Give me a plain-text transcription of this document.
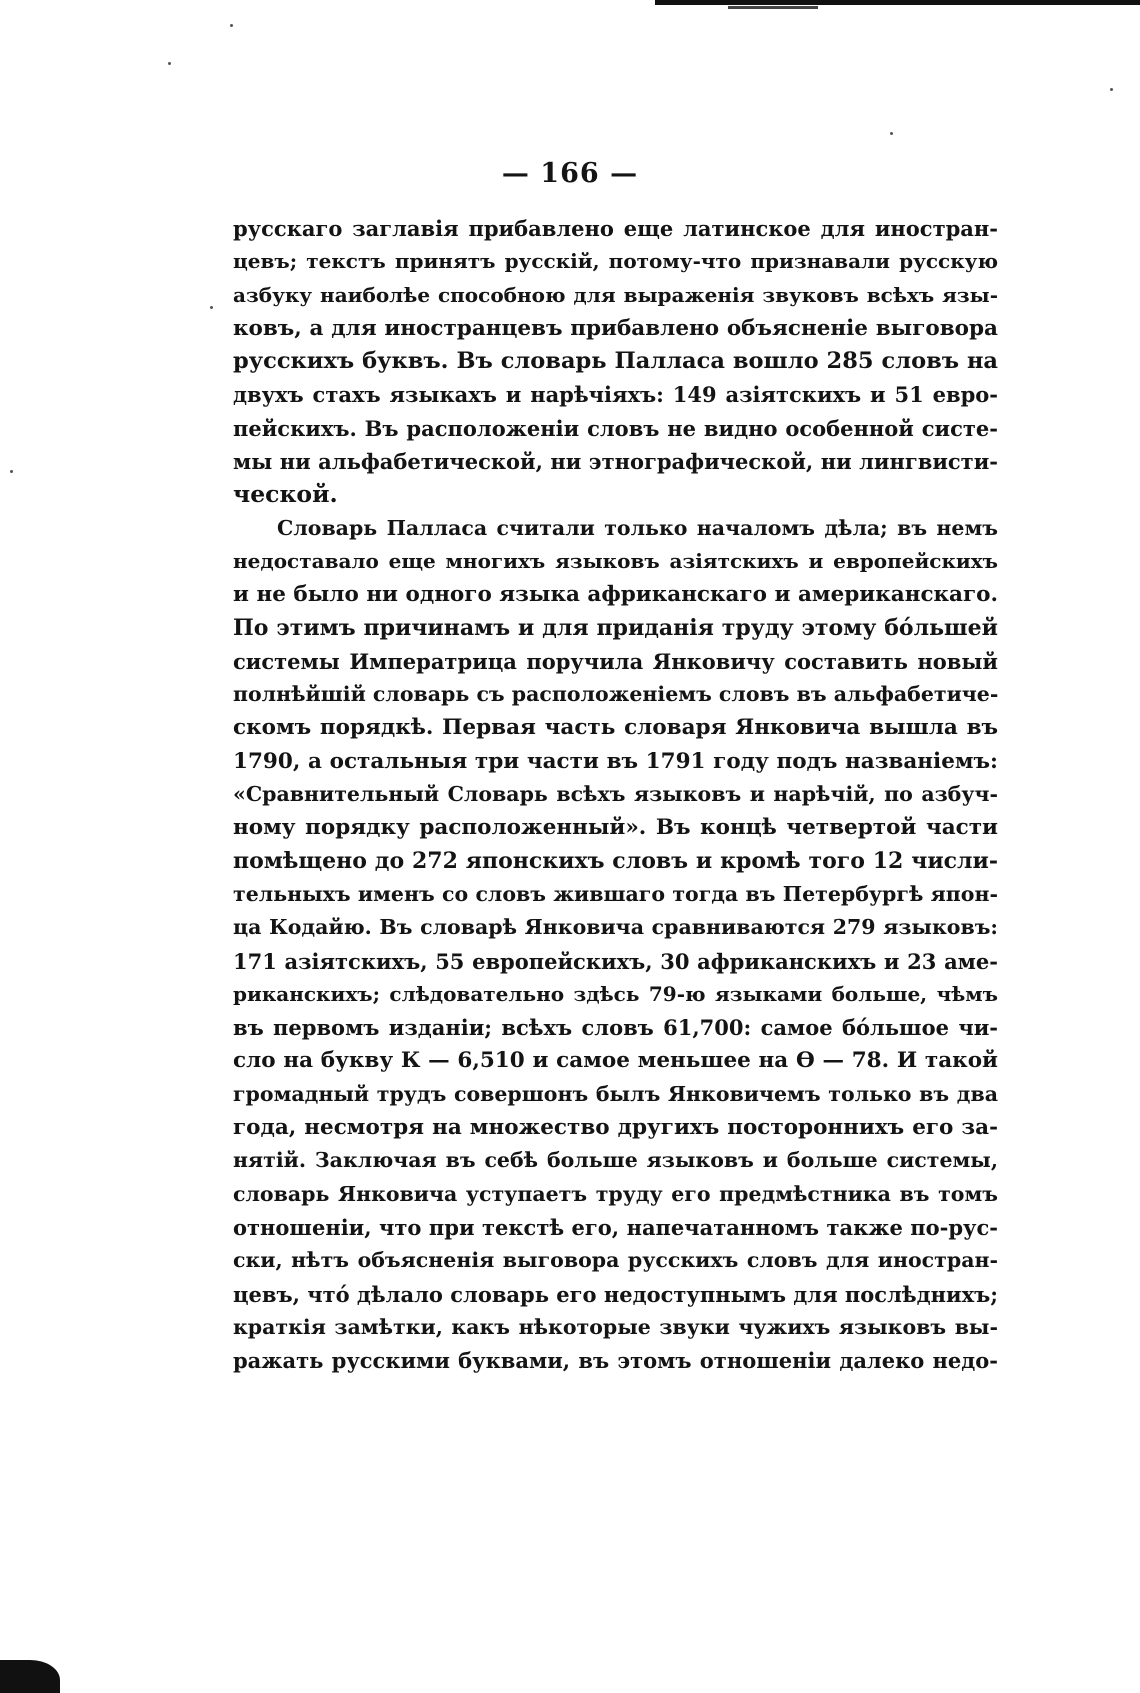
— 166 —
русскаго заглавія прибавлено еще латинское для иностран-
цевъ; текстъ принятъ русскій, потому-что признавали русскую
азбуку наиболѣе способною для выраженія звуковъ всѣхъ язы-
ковъ, а для иностранцевъ прибавлено объясненіе выговора
русскихъ буквъ. Въ словарь Палласа вошло 285 словъ на
двухъ стахъ языкахъ и нарѣчіяхъ: 149 азіятскихъ и 51 евро-
пейскихъ. Въ расположеніи словъ не видно особенной систе-
мы ни альфабетической, ни этнографической, ни лингвисти-
ческой.
Словарь Палласа считали только началомъ дѣла; въ немъ
недоставало еще многихъ языковъ азіятскихъ и европейскихъ
и не было ни одного языка африканскаго и американскаго.
По этимъ причинамъ и для приданія труду этому бо́льшей
системы Императрица поручила Янковичу составить новый
полнѣйшій словарь съ расположеніемъ словъ въ альфабетиче-
скомъ порядкѣ. Первая часть словаря Янковича вышла въ
1790, а остальныя три части въ 1791 году подъ названіемъ:
«Сравнительный Словарь всѣхъ языковъ и нарѣчій, по азбуч-
ному порядку расположенный». Въ концѣ четвертой части
помѣщено до 272 японскихъ словъ и кромѣ того 12 числи-
тельныхъ именъ со словъ жившаго тогда въ Петербургѣ япон-
ца Кодайю. Въ словарѣ Янковича сравниваются 279 языковъ:
171 азіятскихъ, 55 европейскихъ, 30 африканскихъ и 23 аме-
риканскихъ; слѣдовательно здѣсь 79-ю языками больше, чѣмъ
въ первомъ изданіи; всѣхъ словъ 61,700: самое бо́льшое чи-
сло на букву К — 6,510 и самое меньшее на Ѳ — 78. И такой
громадный трудъ совершонъ былъ Янковичемъ только въ два
года, несмотря на множество другихъ постороннихъ его за-
нятій. Заключая въ себѣ больше языковъ и больше системы,
словарь Янковича уступаетъ труду его предмѣстника въ томъ
отношеніи, что при текстѣ его, напечатанномъ также по-рус-
ски, нѣтъ объясненія выговора русскихъ словъ для иностран-
цевъ, что́ дѣлало словарь его недоступнымъ для послѣднихъ;
краткія замѣтки, какъ нѣкоторые звуки чужихъ языковъ вы-
ражать русскими буквами, въ этомъ отношеніи далеко недо-
